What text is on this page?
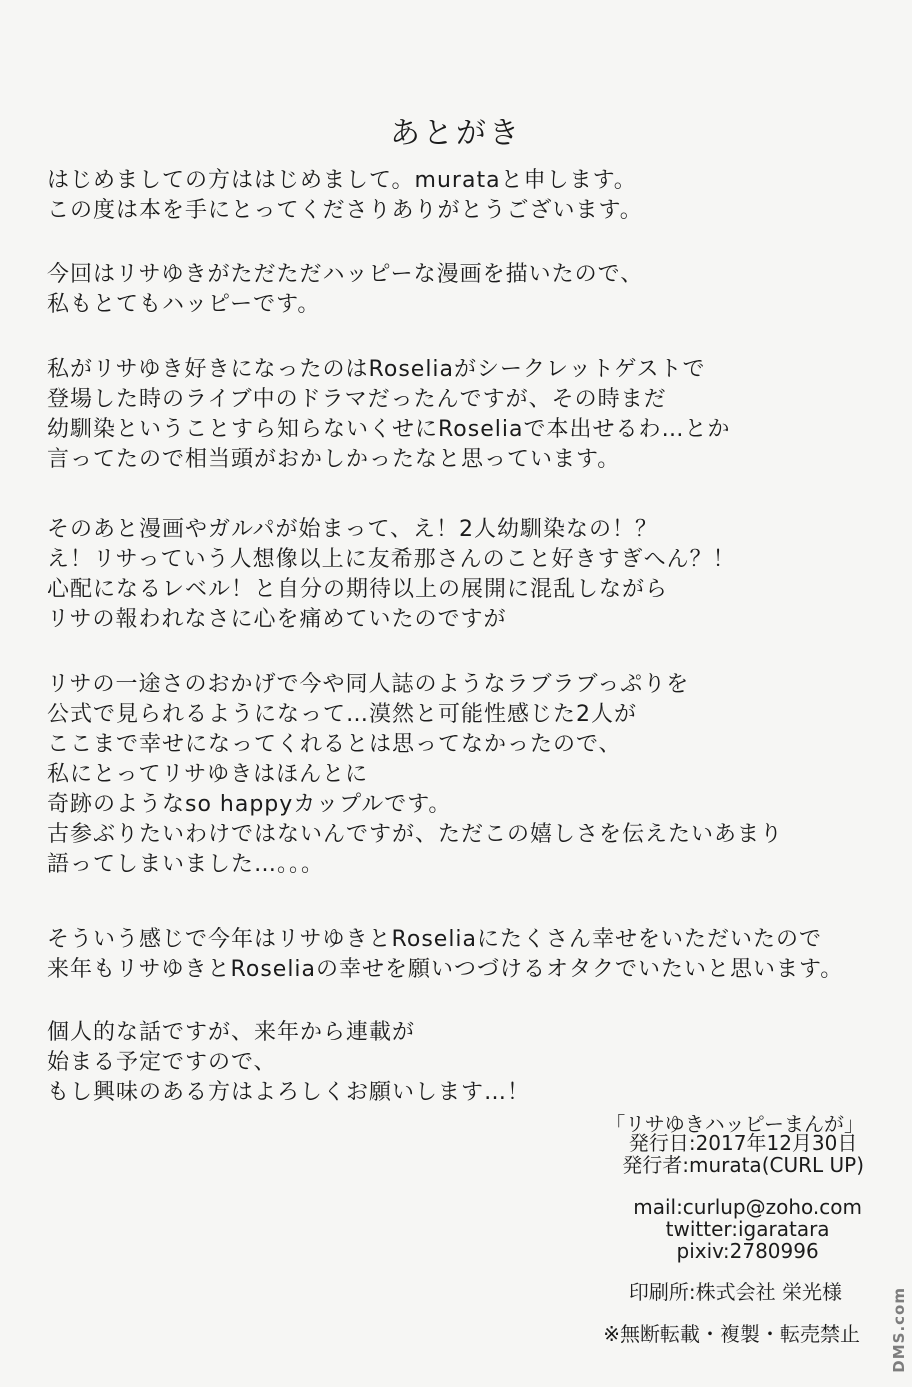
あとがき
はじめましての方ははじめまして。murataと申します。
この度は本を手にとってくださりありがとうございます。
今回はリサゆきがただただハッピーな漫画を描いたので、
私もとてもハッピーです。
私がリサゆき好きになったのはRoseliaがシークレットゲストで
登場した時のライブ中のドラマだったんですが、その時まだ
幼馴染ということすら知らないくせにRoseliaで本出せるわ…とか
言ってたので相当頭がおかしかったなと思っています。
そのあと漫画やガルパが始まって、え！2人幼馴染なの！？
え！リサっていう人想像以上に友希那さんのこと好きすぎへん？！
心配になるレベル！と自分の期待以上の展開に混乱しながら
リサの報われなさに心を痛めていたのですが
リサの一途さのおかげで今や同人誌のようなラブラブっぷりを
公式で見られるようになって…漠然と可能性感じた2人が
ここまで幸せになってくれるとは思ってなかったので、
私にとってリサゆきはほんとに
奇跡のようなso happyカップルです。
古参ぶりたいわけではないんですが、ただこの嬉しさを伝えたいあまり
語ってしまいました…。。。
そういう感じで今年はリサゆきとRoseliaにたくさん幸せをいただいたので
来年もリサゆきとRoseliaの幸せを願いつづけるオタクでいたいと思います。
個人的な話ですが、来年から連載が
始まる予定ですので、
もし興味のある方はよろしくお願いします…！
「リサゆきハッピーまんが」
発行日:2017年12月30日
発行者:murata(CURL UP)
mail:curlup@zoho.com
twitter:igaratara
pixiv:2780996
印刷所:株式会社 栄光様
※無断転載・複製・転売禁止 DMS.com
